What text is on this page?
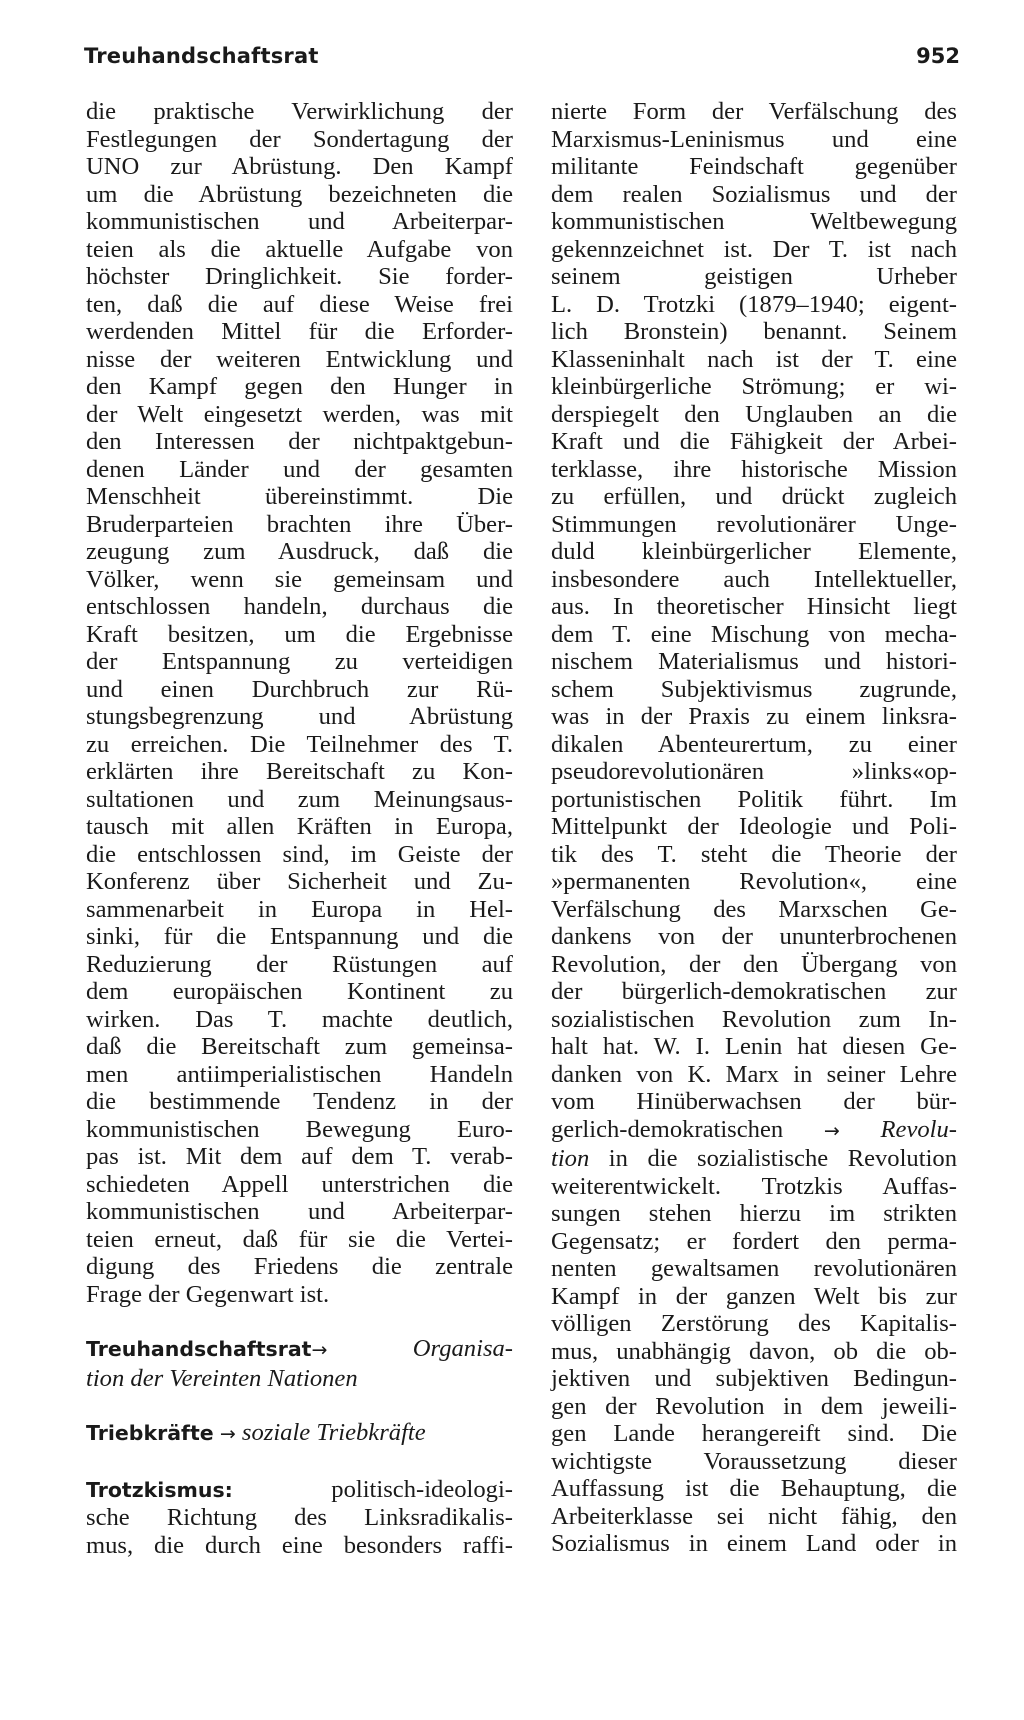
Treuhandschaftsrat	952
die praktische Verwirklichung der
Festlegungen der Sondertagung der
UNO zur Abrüstung. Den Kampf
um die Abrüstung bezeichneten die
kommunistischen und Arbeiterpar-
teien als die aktuelle Aufgabe von
höchster Dringlichkeit. Sie forder-
ten, daß die auf diese Weise frei
werdenden Mittel für die Erforder-
nisse der weiteren Entwicklung und
den Kampf gegen den Hunger in
der Welt eingesetzt werden, was mit
den Interessen der nichtpaktgebun-
denen Länder und der gesamten
Menschheit übereinstimmt. Die
Bruderparteien brachten ihre Über-
zeugung zum Ausdruck, daß die
Völker, wenn sie gemeinsam und
entschlossen handeln, durchaus die
Kraft besitzen, um die Ergebnisse
der Entspannung zu verteidigen
und einen Durchbruch zur Rü-
stungsbegrenzung und Abrüstung
zu erreichen. Die Teilnehmer des T.
erklärten ihre Bereitschaft zu Kon-
sultationen und zum Meinungsaus-
tausch mit allen Kräften in Europa,
die entschlossen sind, im Geiste der
Konferenz über Sicherheit und Zu-
sammenarbeit in Europa in Hel-
sinki, für die Entspannung und die
Reduzierung der Rüstungen auf
dem europäischen Kontinent zu
wirken. Das T. machte deutlich,
daß die Bereitschaft zum gemeinsa-
men antiimperialistischen Handeln
die bestimmende Tendenz in der
kommunistischen Bewegung Euro-
pas ist. Mit dem auf dem T. verab-
schiedeten Appell unterstrichen die
kommunistischen und Arbeiterpar-
teien erneut, daß für sie die Vertei-
digung des Friedens die zentrale
Frage der Gegenwart ist.
Treuhandschaftsrat→	Organisa-
tion der Vereinten Nationen
Triebkräfte → soziale Triebkräfte
Trotzkismus:	politisch-ideologi-
sche Richtung des Linksradikalis-
mus, die durch eine besonders raffi-
nierte Form der Verfälschung des
Marxismus-Leninismus und eine
militante Feindschaft gegenüber
dem realen Sozialismus und der
kommunistischen Weltbewegung
gekennzeichnet ist. Der T. ist nach
seinem geistigen Urheber
L. D. Trotzki (1879–1940; eigent-
lich Bronstein) benannt. Seinem
Klasseninhalt nach ist der T. eine
kleinbürgerliche Strömung; er wi-
derspiegelt den Unglauben an die
Kraft und die Fähigkeit der Arbei-
terklasse, ihre historische Mission
zu erfüllen, und drückt zugleich
Stimmungen revolutionärer Unge-
duld kleinbürgerlicher Elemente,
insbesondere auch Intellektueller,
aus. In theoretischer Hinsicht liegt
dem T. eine Mischung von mecha-
nischem Materialismus und histori-
schem Subjektivismus zugrunde,
was in der Praxis zu einem linksra-
dikalen Abenteurertum, zu einer
pseudorevolutionären »links«op-
portunistischen Politik führt. Im
Mittelpunkt der Ideologie und Poli-
tik des T. steht die Theorie der
»permanenten Revolution«, eine
Verfälschung des Marxschen Ge-
dankens von der ununterbrochenen
Revolution, der den Übergang von
der bürgerlich-demokratischen zur
sozialistischen Revolution zum In-
halt hat. W. I. Lenin hat diesen Ge-
danken von K. Marx in seiner Lehre
vom Hinüberwachsen der bür-
gerlich-demokratischen → Revolu-
tion in die sozialistische Revolution
weiterentwickelt. Trotzkis Auffas-
sungen stehen hierzu im strikten
Gegensatz; er fordert den perma-
nenten gewaltsamen revolutionären
Kampf in der ganzen Welt bis zur
völligen Zerstörung des Kapitalis-
mus, unabhängig davon, ob die ob-
jektiven und subjektiven Bedingun-
gen der Revolution in dem jeweili-
gen Lande herangereift sind. Die
wichtigste Voraussetzung dieser
Auffassung ist die Behauptung, die
Arbeiterklasse sei nicht fähig, den
Sozialismus in einem Land oder in
